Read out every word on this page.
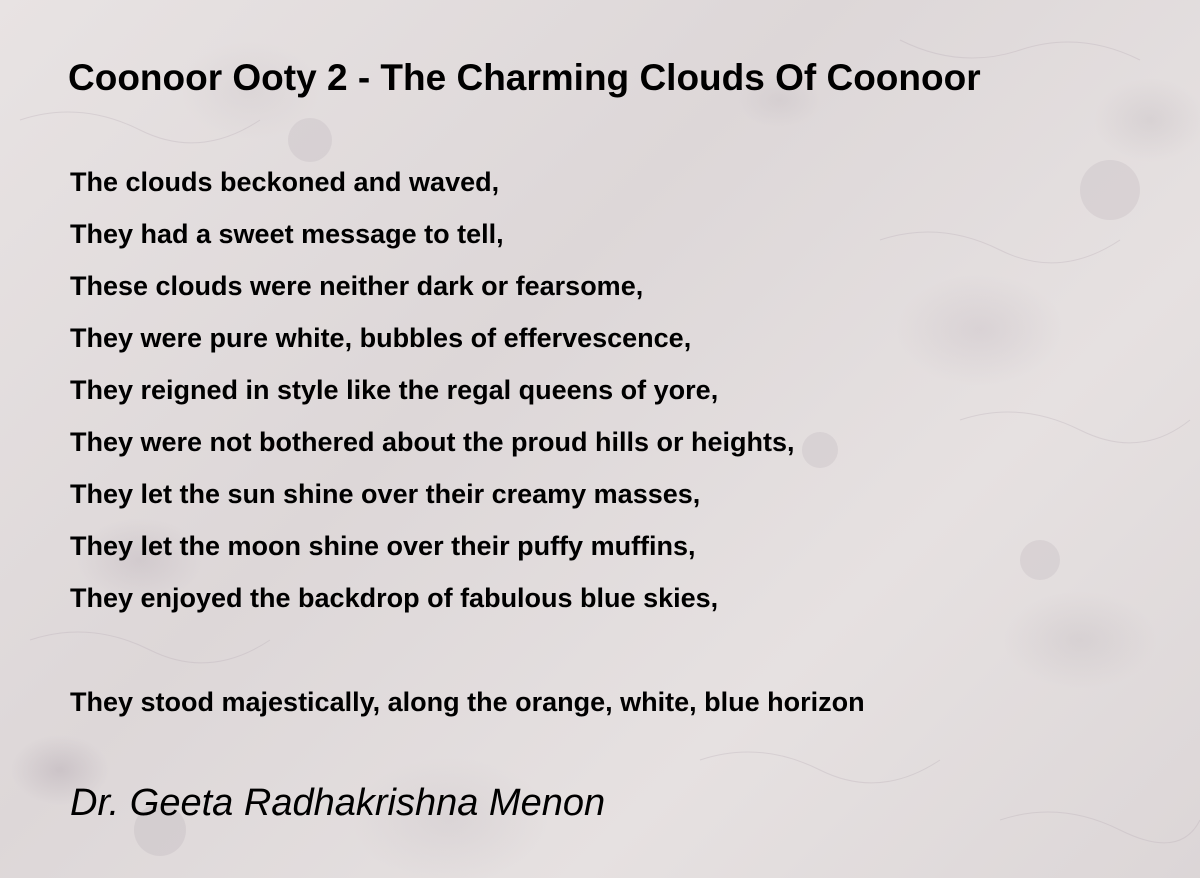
Coonoor Ooty 2 - The Charming Clouds Of Coonoor
The clouds beckoned and waved,
They had a sweet message to tell,
These clouds were neither dark or fearsome,
They were pure white, bubbles of effervescence,
They reigned in style like the regal queens of yore,
They were not bothered about the proud hills or heights,
They let the sun shine over their creamy masses,
They let the moon shine over their puffy muffins,
They enjoyed the backdrop of fabulous blue skies,
They stood majestically, along the orange, white, blue horizon

Dr. Geeta Radhakrishna Menon
